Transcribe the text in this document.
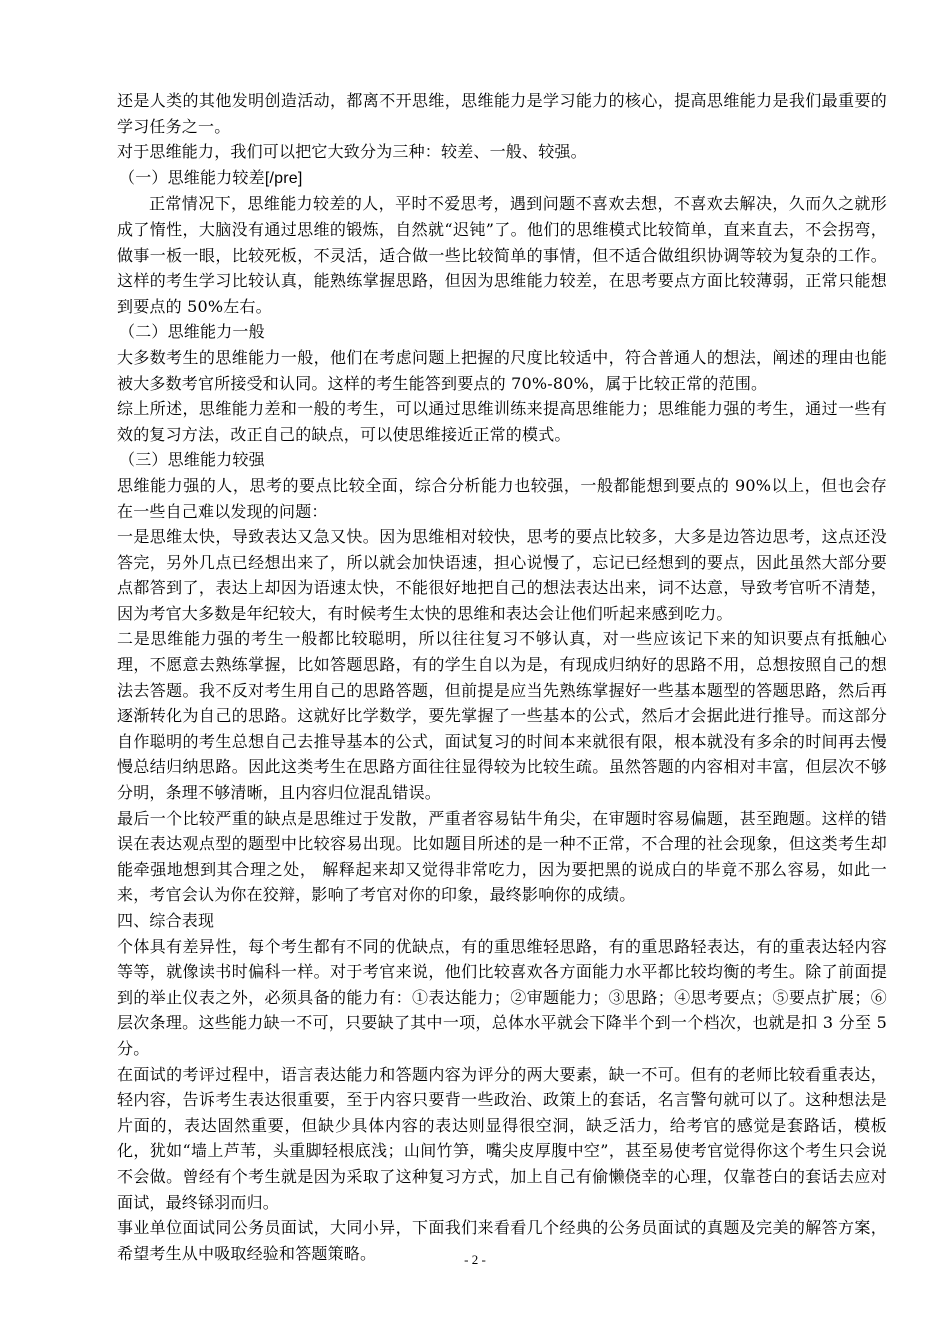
还是人类的其他发明创造活动，都离不开思维，思维能力是学习能力的核心，提高思维能力是我们最重要的学习任务之一。

对于思维能力，我们可以把它大致分为三种：较差、一般、较强。

（一）思维能力较差[/pre]

正常情况下，思维能力较差的人，平时不爱思考，遇到问题不喜欢去想，不喜欢去解决，久而久之就形成了惰性，大脑没有通过思维的锻炼，自然就“迟钝”了。他们的思维模式比较简单，直来直去，不会拐弯，做事一板一眼，比较死板，不灵活，适合做一些比较简单的事情，但不适合做组织协调等较为复杂的工作。这样的考生学习比较认真，能熟练掌握思路，但因为思维能力较差，在思考要点方面比较薄弱，正常只能想到要点的 50%左右。

（二）思维能力一般

大多数考生的思维能力一般，他们在考虑问题上把握的尺度比较适中，符合普通人的想法，阐述的理由也能被大多数考官所接受和认同。这样的考生能答到要点的 70%-80%，属于比较正常的范围。

综上所述，思维能力差和一般的考生，可以通过思维训练来提高思维能力；思维能力强的考生，通过一些有效的复习方法，改正自己的缺点，可以使思维接近正常的模式。

（三）思维能力较强

思维能力强的人，思考的要点比较全面，综合分析能力也较强，一般都能想到要点的 90%以上，但也会存在一些自己难以发现的问题：

一是思维太快，导致表达又急又快。因为思维相对较快，思考的要点比较多，大多是边答边思考，这点还没答完，另外几点已经想出来了，所以就会加快语速，担心说慢了，忘记已经想到的要点，因此虽然大部分要点都答到了，表达上却因为语速太快，不能很好地把自己的想法表达出来，词不达意，导致考官听不清楚，因为考官大多数是年纪较大，有时候考生太快的思维和表达会让他们听起来感到吃力。

二是思维能力强的考生一般都比较聪明，所以往往复习不够认真，对一些应该记下来的知识要点有抵触心理，不愿意去熟练掌握，比如答题思路，有的学生自以为是，有现成归纳好的思路不用，总想按照自己的想法去答题。我不反对考生用自己的思路答题，但前提是应当先熟练掌握好一些基本题型的答题思路，然后再逐渐转化为自己的思路。这就好比学数学，要先掌握了一些基本的公式，然后才会据此进行推导。而这部分自作聪明的考生总想自己去推导基本的公式，面试复习的时间本来就很有限，根本就没有多余的时间再去慢慢总结归纳思路。因此这类考生在思路方面往往显得较为比较生疏。虽然答题的内容相对丰富，但层次不够分明，条理不够清晰，且内容归位混乱错误。

最后一个比较严重的缺点是思维过于发散，严重者容易钻牛角尖，在审题时容易偏题，甚至跑题。这样的错误在表达观点型的题型中比较容易出现。比如题目所述的是一种不正常，不合理的社会现象，但这类考生却能牵强地想到其合理之处， 解释起来却又觉得非常吃力，因为要把黑的说成白的毕竟不那么容易，如此一来，考官会认为你在狡辩，影响了考官对你的印象，最终影响你的成绩。

四、综合表现

个体具有差异性，每个考生都有不同的优缺点，有的重思维轻思路，有的重思路轻表达，有的重表达轻内容等等，就像读书时偏科一样。对于考官来说，他们比较喜欢各方面能力水平都比较均衡的考生。除了前面提到的举止仪表之外，必须具备的能力有：①表达能力；②审题能力；③思路；④思考要点；⑤要点扩展；⑥层次条理。这些能力缺一不可，只要缺了其中一项，总体水平就会下降半个到一个档次，也就是扣 3 分至 5 分。

在面试的考评过程中，语言表达能力和答题内容为评分的两大要素，缺一不可。但有的老师比较看重表达，轻内容，告诉考生表达很重要，至于内容只要背一些政治、政策上的套话，名言警句就可以了。这种想法是片面的，表达固然重要，但缺少具体内容的表达则显得很空洞，缺乏活力，给考官的感觉是套路话，模板化，犹如“墙上芦苇，头重脚轻根底浅；山间竹笋，嘴尖皮厚腹中空”，甚至易使考官觉得你这个考生只会说不会做。曾经有个考生就是因为采取了这种复习方式，加上自己有偷懒侥幸的心理，仅靠苍白的套话去应对面试，最终铩羽而归。

事业单位面试同公务员面试，大同小异，下面我们来看看几个经典的公务员面试的真题及完美的解答方案，希望考生从中吸取经验和答题策略。	- 2 -
